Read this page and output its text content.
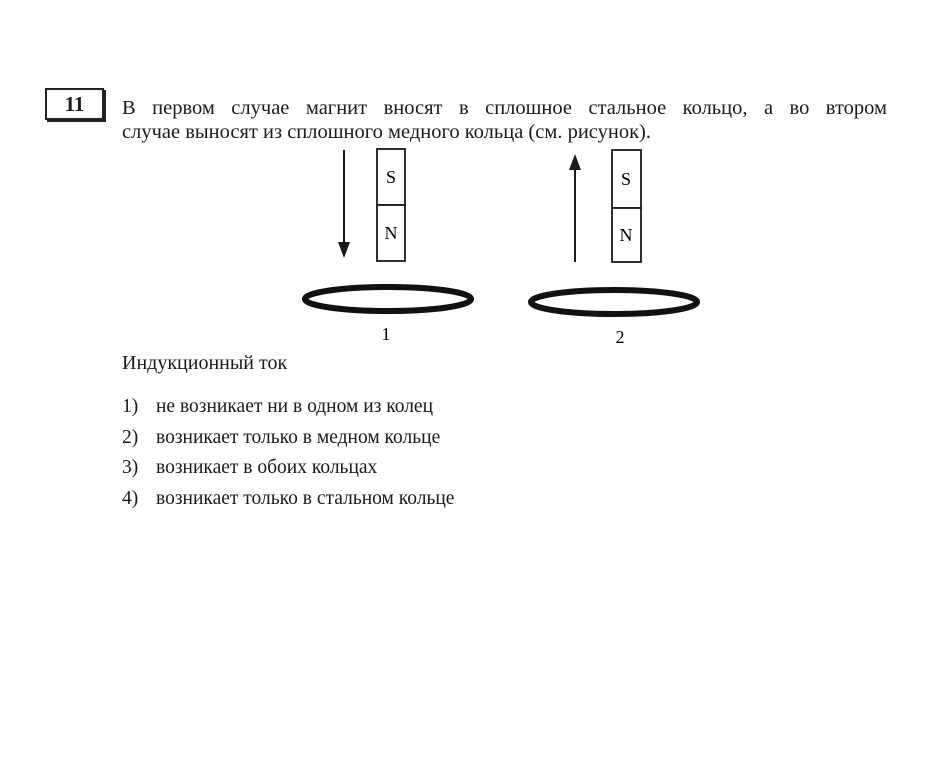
11 В первом случае магнит вносят в сплошное стальное кольцо, а во втором
случае выносят из сплошного медного кольца (см. рисунок).
S
N
1
S
N
2
Индукционный ток
1) не возникает ни в одном из колец
2) возникает только в медном кольце
3) возникает в обоих кольцах
4) возникает только в стальном кольце
